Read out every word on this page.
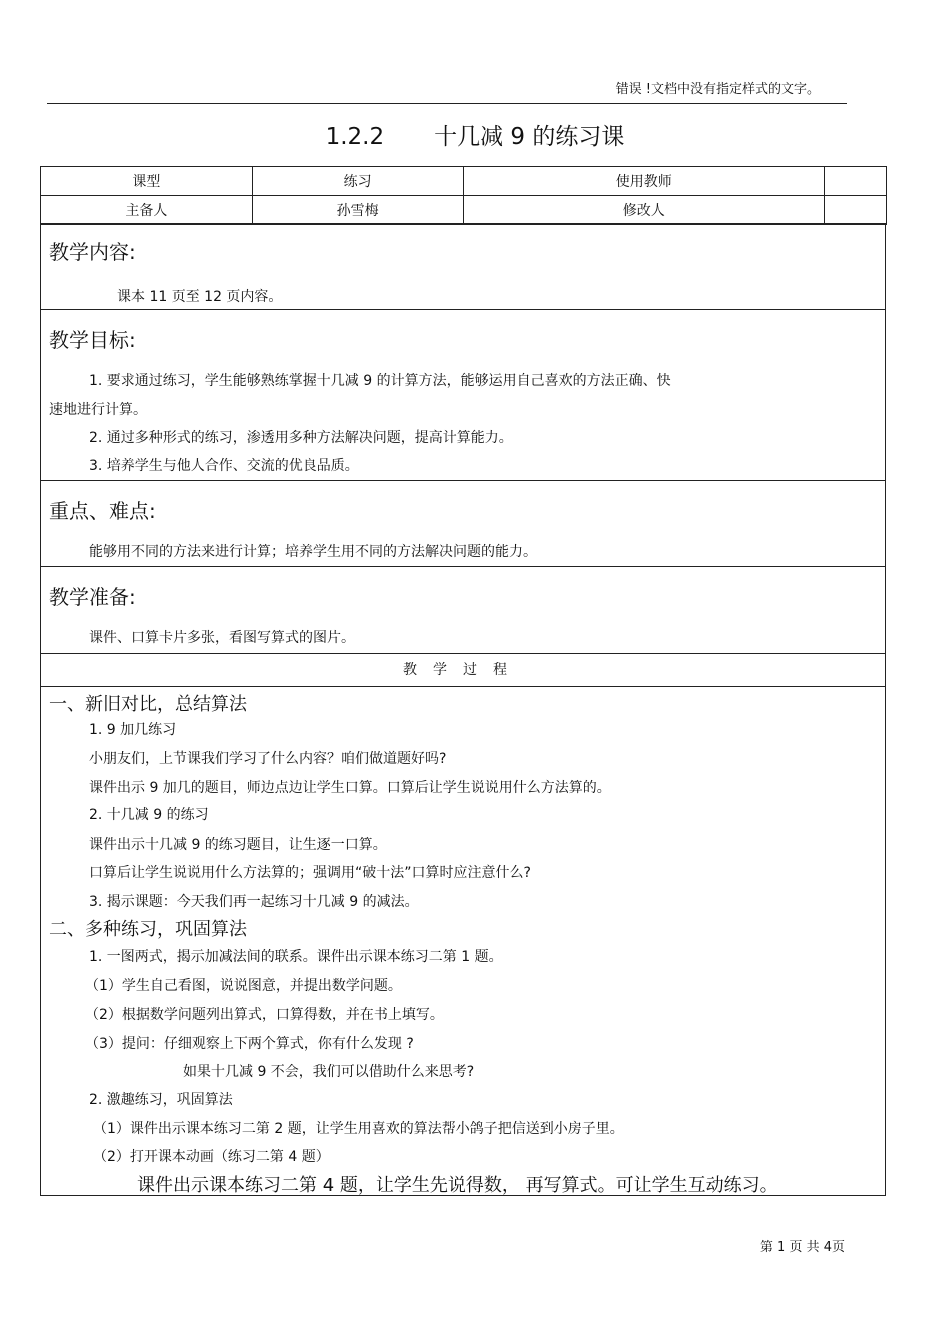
错误 !文档中没有指定样式的文字。
1.2.2 十几减 9 的练习课
课型	练习	使用教师	
主备人	孙雪梅	修改人	
教学内容:
课本 11 页至 12 页内容。
教学目标:
1. 要求通过练习，学生能够熟练掌握十几减 9 的计算方法，能够运用自己喜欢的方法正确、快
速地进行计算。
2. 通过多种形式的练习，渗透用多种方法解决问题，提高计算能力。
3. 培养学生与他人合作、交流的优良品质。
重点、难点:
能够用不同的方法来进行计算；培养学生用不同的方法解决问题的能力。
教学准备:
课件、口算卡片多张，看图写算式的图片。
教学过程
一、新旧对比，总结算法
1. 9 加几练习
小朋友们，上节课我们学习了什么内容？咱们做道题好吗?
课件出示 9 加几的题目，师边点边让学生口算。口算后让学生说说用什么方法算的。
2. 十几减 9 的练习
课件出示十几减 9 的练习题目，让生逐一口算。
口算后让学生说说用什么方法算的；强调用“破十法”口算时应注意什么?
3. 揭示课题：今天我们再一起练习十几减 9 的减法。
二、多种练习，巩固算法
1. 一图两式，揭示加减法间的联系。课件出示课本练习二第 1 题。
（1）学生自己看图，说说图意，并提出数学问题。
（2）根据数学问题列出算式，口算得数，并在书上填写。
（3）提问：仔细观察上下两个算式，你有什么发现 ?
如果十几减 9 不会，我们可以借助什么来思考?
2. 激趣练习，巩固算法
（1）课件出示课本练习二第 2 题，让学生用喜欢的算法帮小鸽子把信送到小房子里。
（2）打开课本动画（练习二第 4 题）
课件出示课本练习二第 4 题，让学生先说得数， 再写算式。可让学生互动练习。
第 1 页 共 4页
